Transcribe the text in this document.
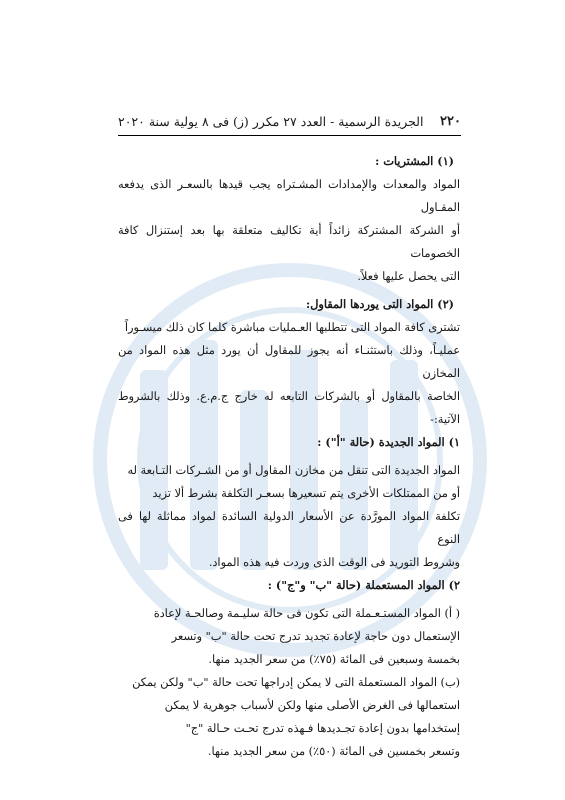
٢٢٠
الجريدة الرسمية - العدد ٢٧ مكرر (ز) فى ٨ يولية سنة ٢٠٢٠

(١) المشتريات :

المواد والمعدات والإمدادات المشـتراه يجب قيدها بالسعـر الذى يدفعه المقـاول

أو الشركة المشتركة زائداً أية تكاليف متعلقة بها بعد إستنزال كافة الخصومات

التى يحصل عليها فعلاً.

(٢) المواد التى يوردها المقاول:

تشترى كافة المواد التى تتطلبها العـمليات مباشرة كلما كان ذلك ميسـوراً

عمليـاً، وذلك باستثنـاء أنه يجوز للمقاول أن يورد مثل هذه المواد من المخازن

الخاصة بالمقاول أو بالشركات التابعه له خارج ج.م.ع. وذلك بالشروط الآتية:-

١) المواد الجديدة (حالة "أ") :

المواد الجديدة التى تنقل من مخازن المقاول أو من الشـركات التـابعة له

أو من الممتلكات الأخرى يتم تسعيرها بسعـر التكلفة بشرط ألا تزيد

تكلفة المواد المورَّدة عن الأسعار الدولية السائدة لمواد مماثلة لها فى النوع

وشروط التوريد فى الوقت الذى وردت فيه هذه المواد.

٢) المواد المستعملة (حالة "ب" و"ج") :

( أ) المواد المستـعـملة التى تكون فى حالة سليـمة وصالحـة لإعادة

الإستعمال دون حاجة لإعادة تجديد تدرج تحت حالة "ب" وتسعر

بخمسة وسبعين فى المائة (٧٥٪) من سعر الجديد منها.

(ب) المواد المستعملة التى لا يمكن إدراجها تحت حالة "ب" ولكن يمكن

استعمالها فى الغرض الأصلى منها ولكن لأسباب جوهرية لا يمكن

إستخدامها بدون إعادة تجـديدها فـهذه تدرج تحـت حـالة "ج"

وتسعر بخمسين فى المائة (٥٠٪) من سعر الجديد منها.
